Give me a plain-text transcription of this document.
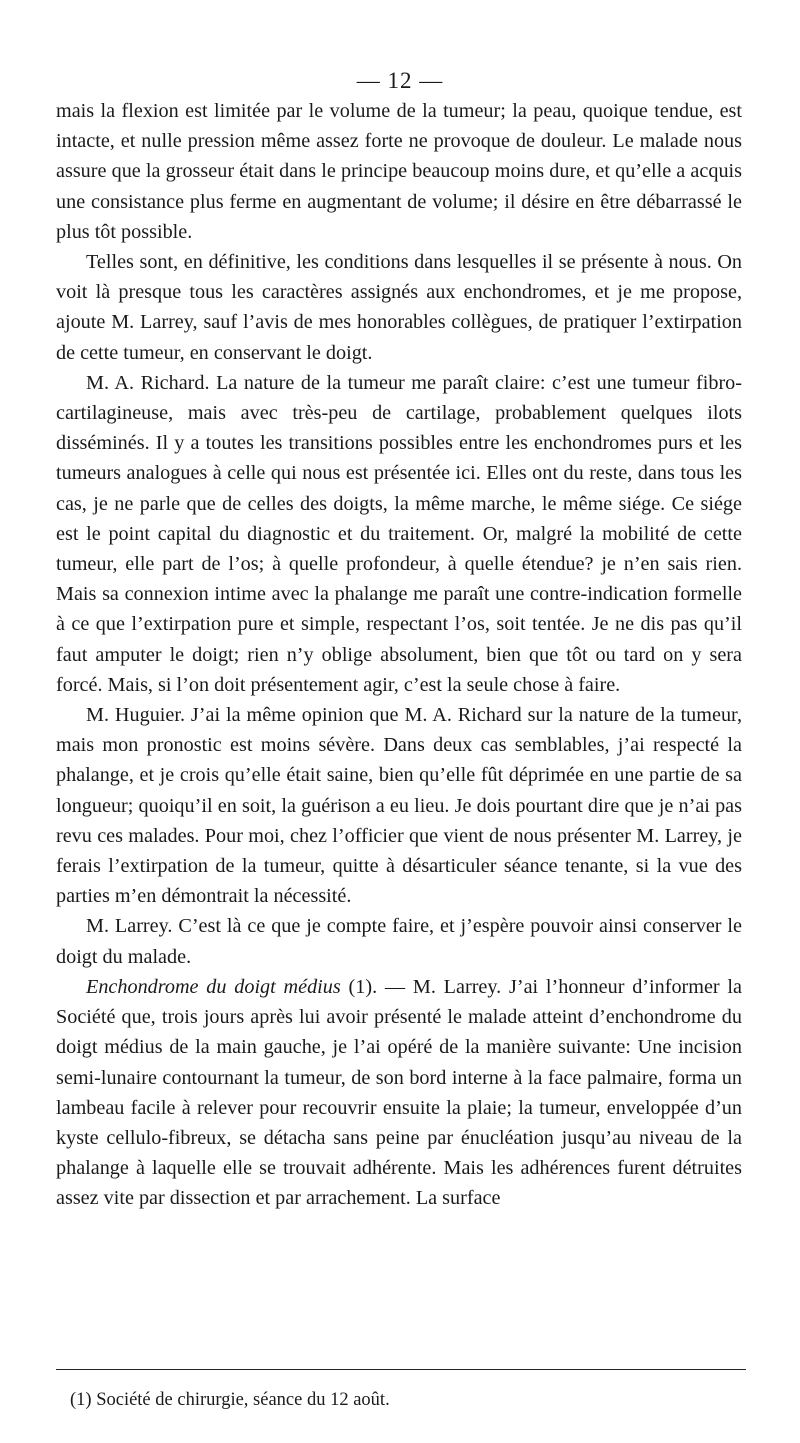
— 12 —

mais la flexion est limitée par le volume de la tumeur; la peau, quoique tendue, est intacte, et nulle pression même assez forte ne provoque de douleur. Le malade nous assure que la grosseur était dans le principe beaucoup moins dure, et qu’elle a acquis une consistance plus ferme en augmentant de volume; il désire en être débarrassé le plus tôt possible.

Telles sont, en définitive, les conditions dans lesquelles il se présente à nous. On voit là presque tous les caractères assignés aux enchondromes, et je me propose, ajoute M. Larrey, sauf l’avis de mes honorables collègues, de pratiquer l’extirpation de cette tumeur, en conservant le doigt.

M. A. Richard. La nature de la tumeur me paraît claire: c’est une tumeur fibro-cartilagineuse, mais avec très-peu de cartilage, probablement quelques ilots disséminés. Il y a toutes les transitions possibles entre les enchondromes purs et les tumeurs analogues à celle qui nous est présentée ici. Elles ont du reste, dans tous les cas, je ne parle que de celles des doigts, la même marche, le même siége. Ce siége est le point capital du diagnostic et du traitement. Or, malgré la mobilité de cette tumeur, elle part de l’os; à quelle profondeur, à quelle étendue? je n’en sais rien. Mais sa connexion intime avec la phalange me paraît une contre-indication formelle à ce que l’extirpation pure et simple, respectant l’os, soit tentée. Je ne dis pas qu’il faut amputer le doigt; rien n’y oblige absolument, bien que tôt ou tard on y sera forcé. Mais, si l’on doit présentement agir, c’est la seule chose à faire.

M. Huguier. J’ai la même opinion que M. A. Richard sur la nature de la tumeur, mais mon pronostic est moins sévère. Dans deux cas semblables, j’ai respecté la phalange, et je crois qu’elle était saine, bien qu’elle fût déprimée en une partie de sa longueur; quoiqu’il en soit, la guérison a eu lieu. Je dois pourtant dire que je n’ai pas revu ces malades. Pour moi, chez l’officier que vient de nous présenter M. Larrey, je ferais l’extirpation de la tumeur, quitte à désarticuler séance tenante, si la vue des parties m’en démontrait la nécessité.

M. Larrey. C’est là ce que je compte faire, et j’espère pouvoir ainsi conserver le doigt du malade.

Enchondrome du doigt médius (1). — M. Larrey. J’ai l’honneur d’informer la Société que, trois jours après lui avoir présenté le malade atteint d’enchondrome du doigt médius de la main gauche, je l’ai opéré de la manière suivante: Une incision semi-lunaire contournant la tumeur, de son bord interne à la face palmaire, forma un lambeau facile à relever pour recouvrir ensuite la plaie; la tumeur, enveloppée d’un kyste cellulo-fibreux, se détacha sans peine par énucléation jusqu’au niveau de la phalange à laquelle elle se trouvait adhérente. Mais les adhérences furent détruites assez vite par dissection et par arrachement. La surface

(1) Société de chirurgie, séance du 12 août.
